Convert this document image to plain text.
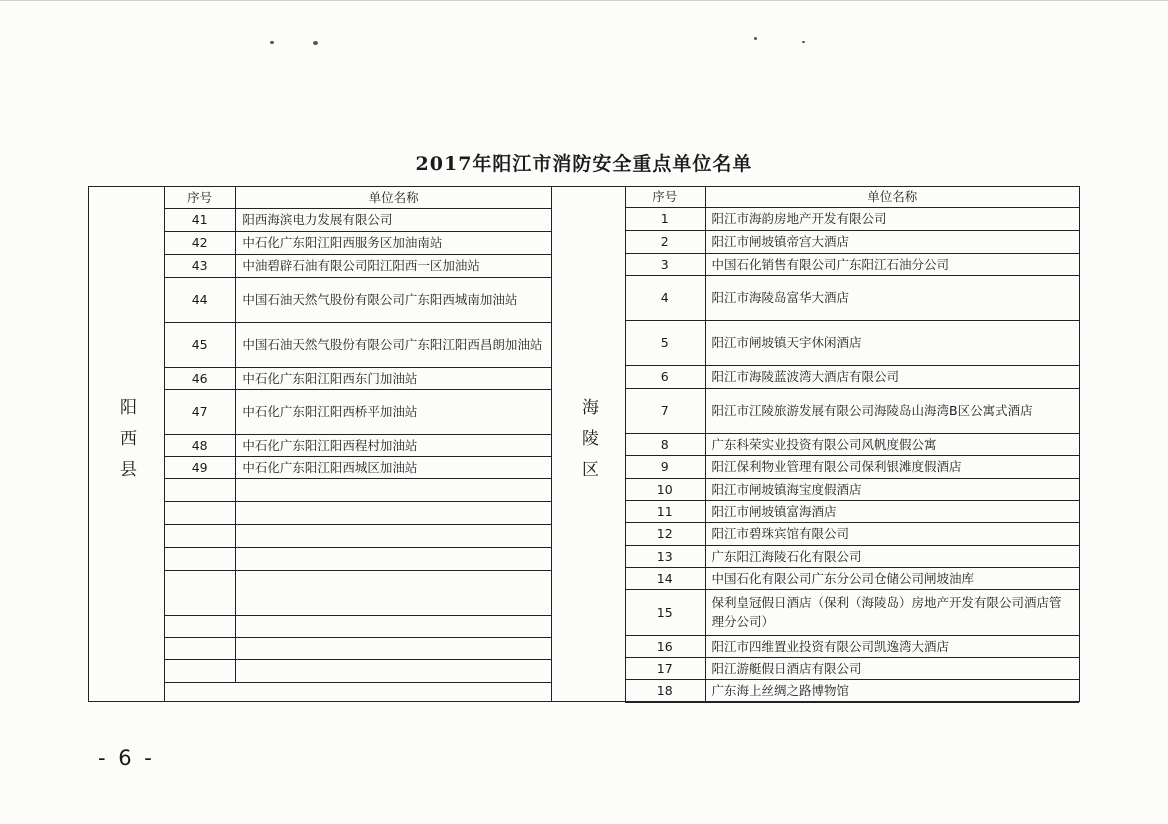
2017年阳江市消防安全重点单位名单
阳西县
序号	单位名称
41	阳西海滨电力发展有限公司
42	中石化广东阳江阳西服务区加油南站
43	中油碧辟石油有限公司阳江阳西一区加油站
44	中国石油天然气股份有限公司广东阳西城南加油站
45	中国石油天然气股份有限公司广东阳江阳西昌朗加油站
46	中石化广东阳江阳西东门加油站
47	中石化广东阳江阳西桥平加油站
48	中石化广东阳江阳西程村加油站
49	中石化广东阳江阳西城区加油站

		海陵区
序号	单位名称
1	阳江市海韵房地产开发有限公司
2	阳江市闸坡镇帝宫大酒店
3	中国石化销售有限公司广东阳江石油分公司
4	阳江市海陵岛富华大酒店
5	阳江市闸坡镇天宇休闲酒店
6	阳江市海陵蓝波湾大酒店有限公司
7	阳江市江陵旅游发展有限公司海陵岛山海湾B区公寓式酒店
8	广东科荣实业投资有限公司风帆度假公寓
9	阳江保利物业管理有限公司保利银滩度假酒店
10	阳江市闸坡镇海宝度假酒店
11	阳江市闸坡镇富海酒店
12	阳江市碧珠宾馆有限公司
13	广东阳江海陵石化有限公司
14	中国石化有限公司广东分公司仓储公司闸坡油库
15	保利皇冠假日酒店（保利（海陵岛）房地产开发有限公司酒店管理分公司）
16	阳江市四维置业投资有限公司凯逸湾大酒店
17	阳江游艇假日酒店有限公司
18	广东海上丝绸之路博物馆
- 6 -
